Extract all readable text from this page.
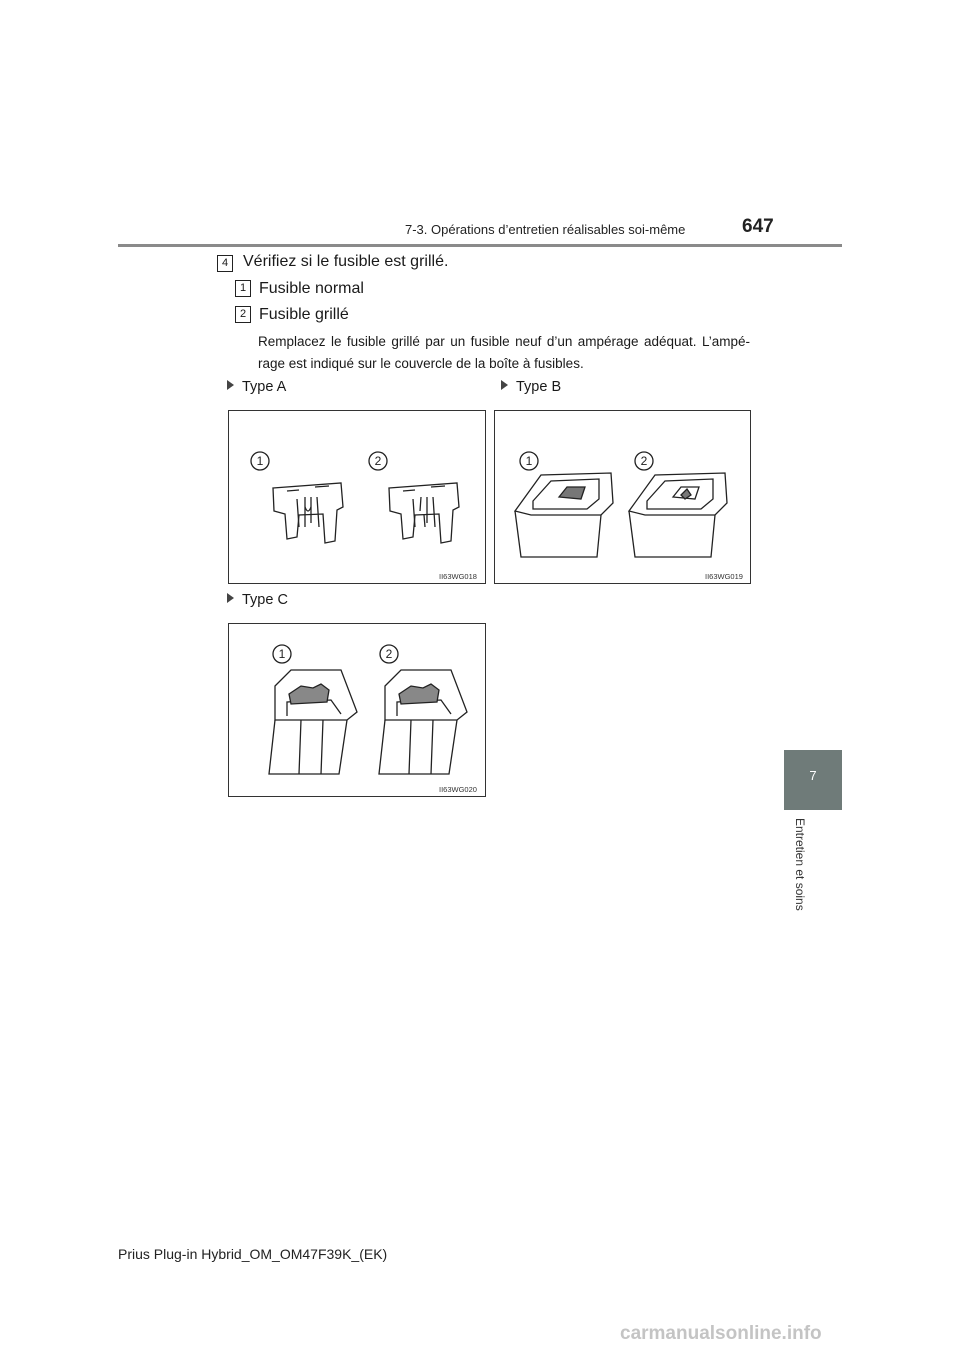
7-3. Opérations d’entretien réalisables soi-même	647
7
Entretien et soins
4 Vérifiez si le fusible est grillé.
1 Fusible normal
2 Fusible grillé
Remplacez le fusible grillé par un fusible neuf d’un ampérage adéquat. L’ampé-rage est indiqué sur le couvercle de la boîte à fusibles.
Type A	Type B
Type C
1	2
II63WG018
1	2
II63WG019
1	2
II63WG020
Prius Plug-in Hybrid_OM_OM47F39K_(EK)
carmanualsonline.info
